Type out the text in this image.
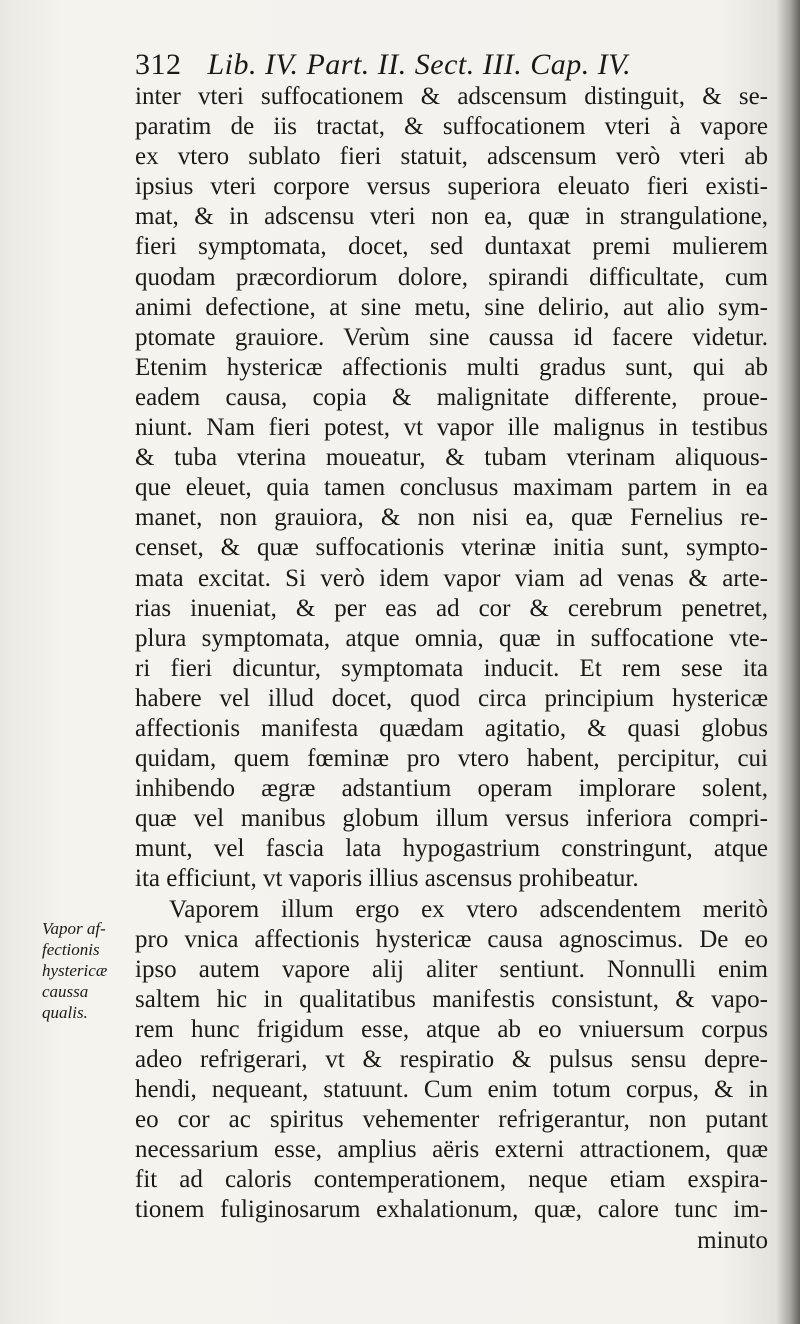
312 Lib. IV. Part. II. Sect. III. Cap. IV.
Vapor af-
fectionis
hystericæ
caussa
qualis.
inter vteri suffocationem & adscensum distinguit, & se-
paratim de iis tractat, & suffocationem vteri à vapore
ex vtero sublato fieri statuit, adscensum verò vteri ab
ipsius vteri corpore versus superiora eleuato fieri existi-
mat, & in adscensu vteri non ea, quæ in strangulatione,
fieri symptomata, docet, sed duntaxat premi mulierem
quodam præcordiorum dolore, spirandi difficultate, cum
animi defectione, at sine metu, sine delirio, aut alio sym-
ptomate grauiore. Verùm sine caussa id facere videtur.
Etenim hystericæ affectionis multi gradus sunt, qui ab
eadem causa, copia & malignitate differente, proue-
niunt. Nam fieri potest, vt vapor ille malignus in testibus
& tuba vterina moueatur, & tubam vterinam aliquous-
que eleuet, quia tamen conclusus maximam partem in ea
manet, non grauiora, & non nisi ea, quæ Fernelius re-
censet, & quæ suffocationis vterinæ initia sunt, sympto-
mata excitat. Si verò idem vapor viam ad venas & arte-
rias inueniat, & per eas ad cor & cerebrum penetret,
plura symptomata, atque omnia, quæ in suffocatione vte-
ri fieri dicuntur, symptomata inducit. Et rem sese ita
habere vel illud docet, quod circa principium hystericæ
affectionis manifesta quædam agitatio, & quasi globus
quidam, quem fœminæ pro vtero habent, percipitur, cui
inhibendo ægræ adstantium operam implorare solent,
quæ vel manibus globum illum versus inferiora compri-
munt, vel fascia lata hypogastrium constringunt, atque
ita efficiunt, vt vaporis illius ascensus prohibeatur.
Vaporem illum ergo ex vtero adscendentem meritò
pro vnica affectionis hystericæ causa agnoscimus. De eo
ipso autem vapore alij aliter sentiunt. Nonnulli enim
saltem hic in qualitatibus manifestis consistunt, & vapo-
rem hunc frigidum esse, atque ab eo vniuersum corpus
adeo refrigerari, vt & respiratio & pulsus sensu depre-
hendi, nequeant, statuunt. Cum enim totum corpus, & in
eo cor ac spiritus vehementer refrigerantur, non putant
necessarium esse, amplius aëris externi attractionem, quæ
fit ad caloris contemperationem, neque etiam exspira-
tionem fuliginosarum exhalationum, quæ, calore tunc im-
minuto
